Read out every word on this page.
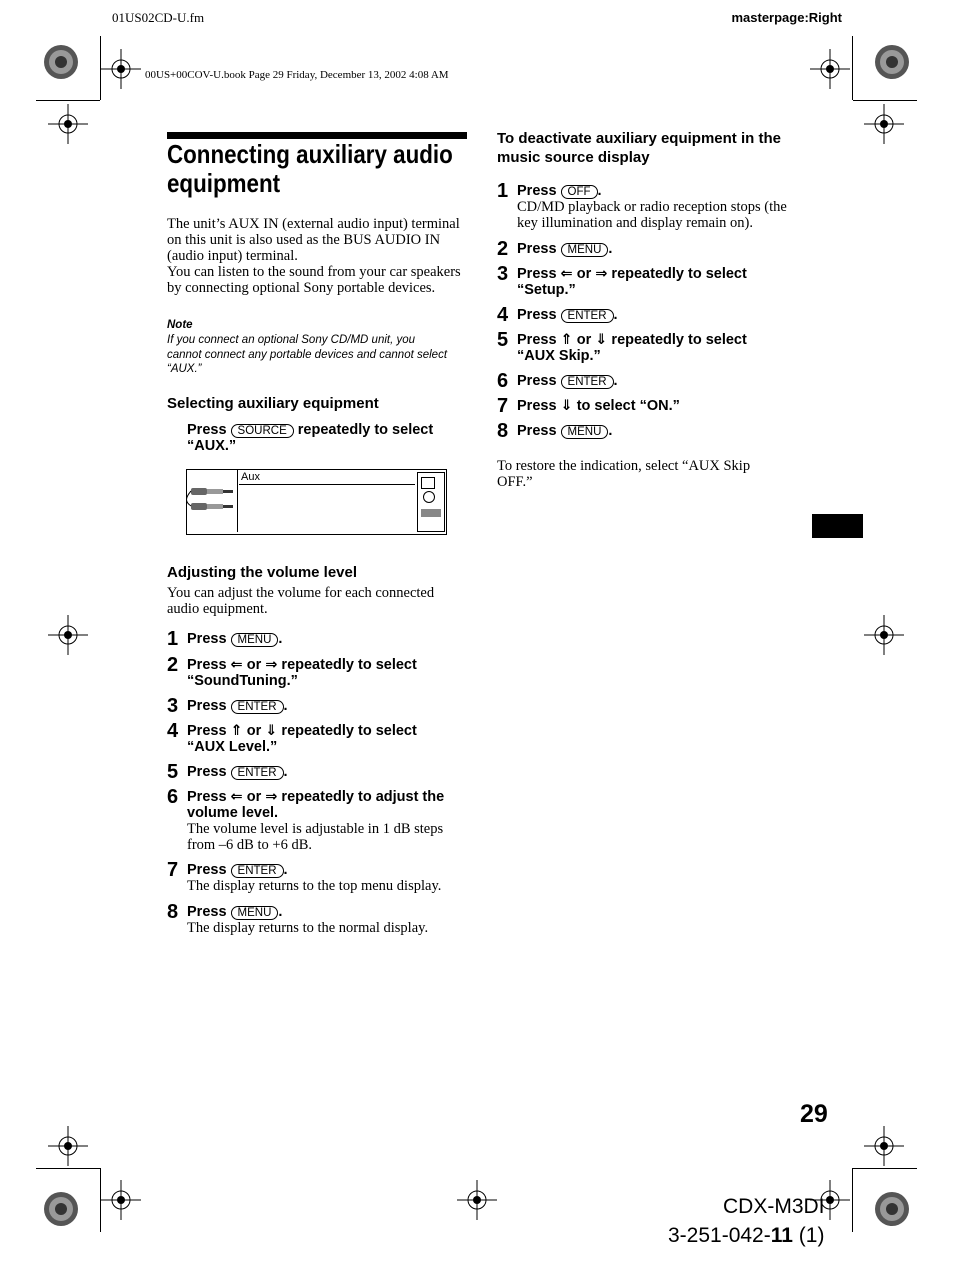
01US02CD-U.fm	masterpage:Right
00US+00COV-U.book Page 29 Friday, December 13, 2002 4:08 AM
Connecting auxiliary audio equipment
The unit’s AUX IN (external audio input) terminal on this unit is also used as the BUS AUDIO IN (audio input) terminal.
You can listen to the sound from your car speakers by connecting optional Sony portable devices.
Note
If you connect an optional Sony CD/MD unit, you cannot connect any portable devices and cannot select “AUX.”
Selecting auxiliary equipment
Press SOURCE repeatedly to select “AUX.”
Aux
Adjusting the volume level
You can adjust the volume for each connected audio equipment.
1 Press MENU .
2 Press ⇐ or ⇒ repeatedly to select “SoundTuning.”
3 Press ENTER .
4 Press ⇑ or ⇓ repeatedly to select “AUX Level.”
5 Press ENTER .
6 Press ⇐ or ⇒ repeatedly to adjust the volume level.
The volume level is adjustable in 1 dB steps from –6 dB to +6 dB.
7 Press ENTER .
The display returns to the top menu display.
8 Press MENU .
The display returns to the normal display.
To deactivate auxiliary equipment in the music source display
1 Press OFF .
CD/MD playback or radio reception stops (the key illumination and display remain on).
2 Press MENU .
3 Press ⇐ or ⇒ repeatedly to select “Setup.”
4 Press ENTER .
5 Press ⇑ or ⇓ repeatedly to select “AUX Skip.”
6 Press ENTER .
7 Press ⇓ to select “ON.”
8 Press MENU .
To restore the indication, select “AUX Skip OFF.”
29
CDX-M3DI
3-251-042-11 (1)
